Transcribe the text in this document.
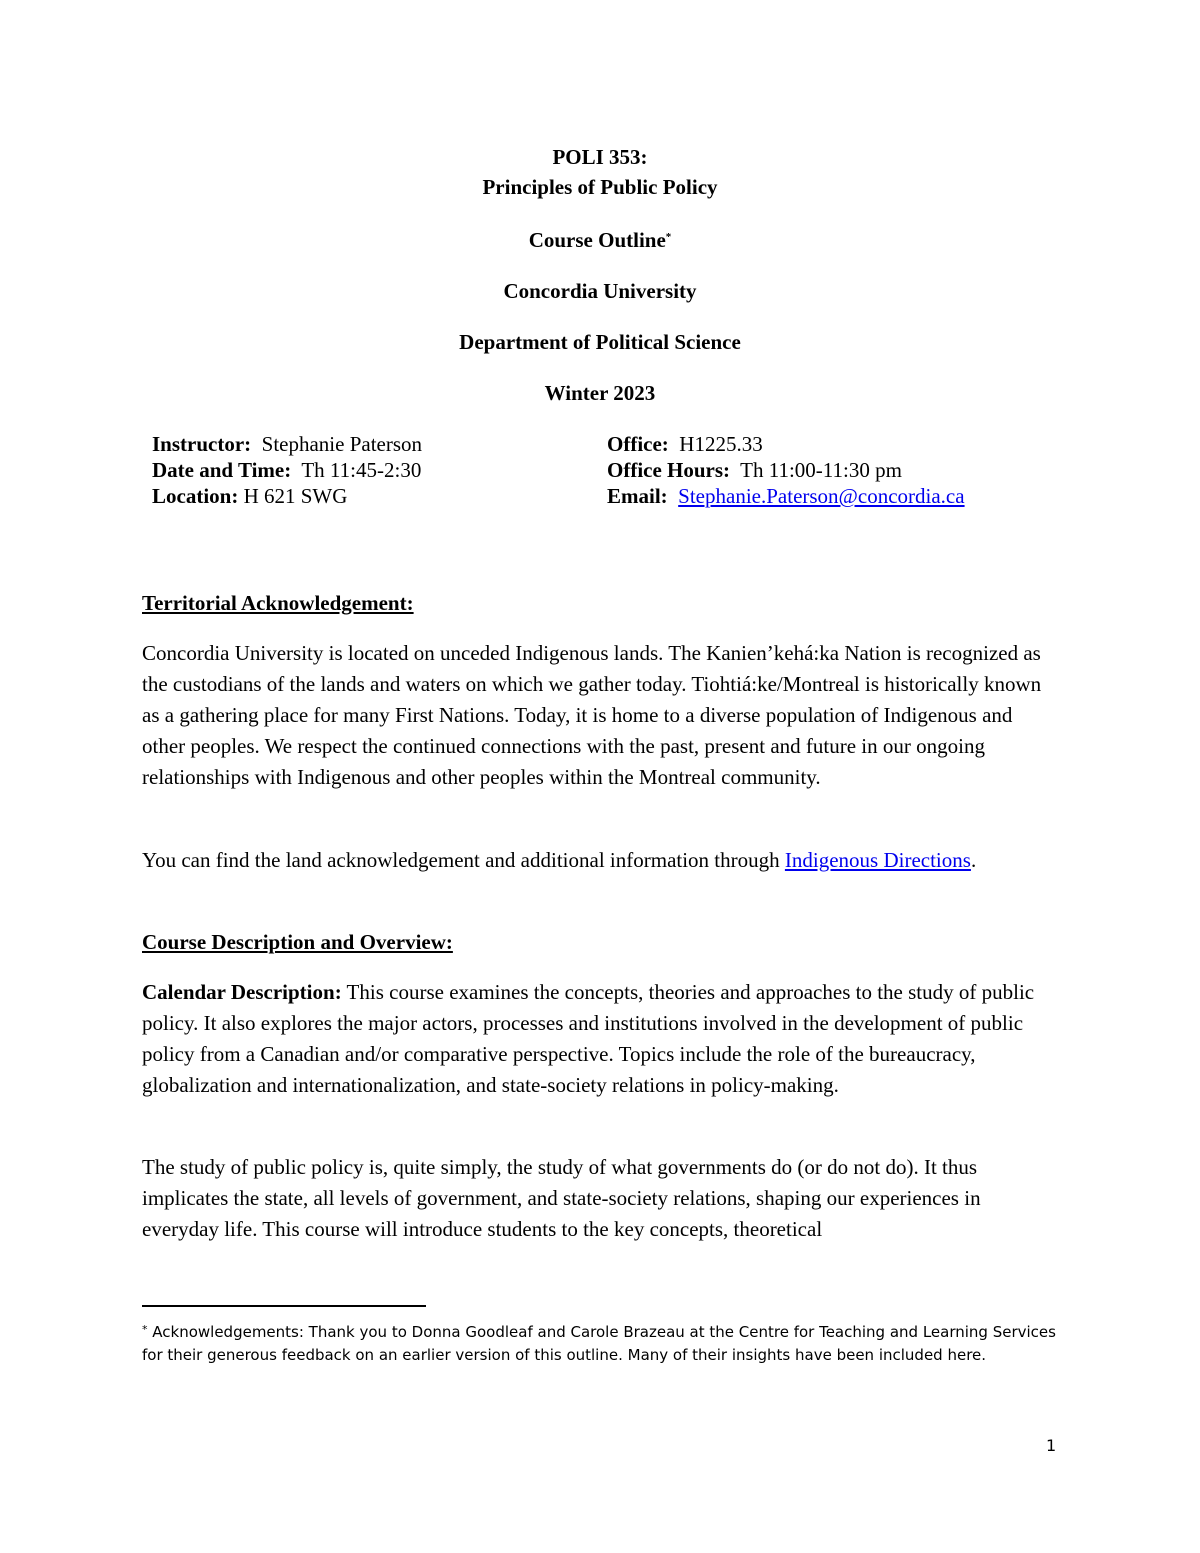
POLI 353:
Principles of Public Policy
Course Outline*
Concordia University
Department of Political Science
Winter 2023
Instructor: Stephanie Paterson
Date and Time: Th 11:45-2:30
Location: H 621 SWG
Office: H1225.33
Office Hours: Th 11:00-11:30 pm
Email: Stephanie.Paterson@concordia.ca
Territorial Acknowledgement:
Concordia University is located on unceded Indigenous lands. The Kanien’kehá:ka Nation is recognized as the custodians of the lands and waters on which we gather today. Tiohtiá:ke/Montreal is historically known as a gathering place for many First Nations. Today, it is home to a diverse population of Indigenous and other peoples. We respect the continued connections with the past, present and future in our ongoing relationships with Indigenous and other peoples within the Montreal community.
You can find the land acknowledgement and additional information through Indigenous Directions.
Course Description and Overview:
Calendar Description: This course examines the concepts, theories and approaches to the study of public policy. It also explores the major actors, processes and institutions involved in the development of public policy from a Canadian and/or comparative perspective. Topics include the role of the bureaucracy, globalization and internationalization, and state-society relations in policy-making.
The study of public policy is, quite simply, the study of what governments do (or do not do). It thus implicates the state, all levels of government, and state-society relations, shaping our experiences in everyday life. This course will introduce students to the key concepts, theoretical
* Acknowledgements: Thank you to Donna Goodleaf and Carole Brazeau at the Centre for Teaching and Learning Services for their generous feedback on an earlier version of this outline. Many of their insights have been included here.
1
